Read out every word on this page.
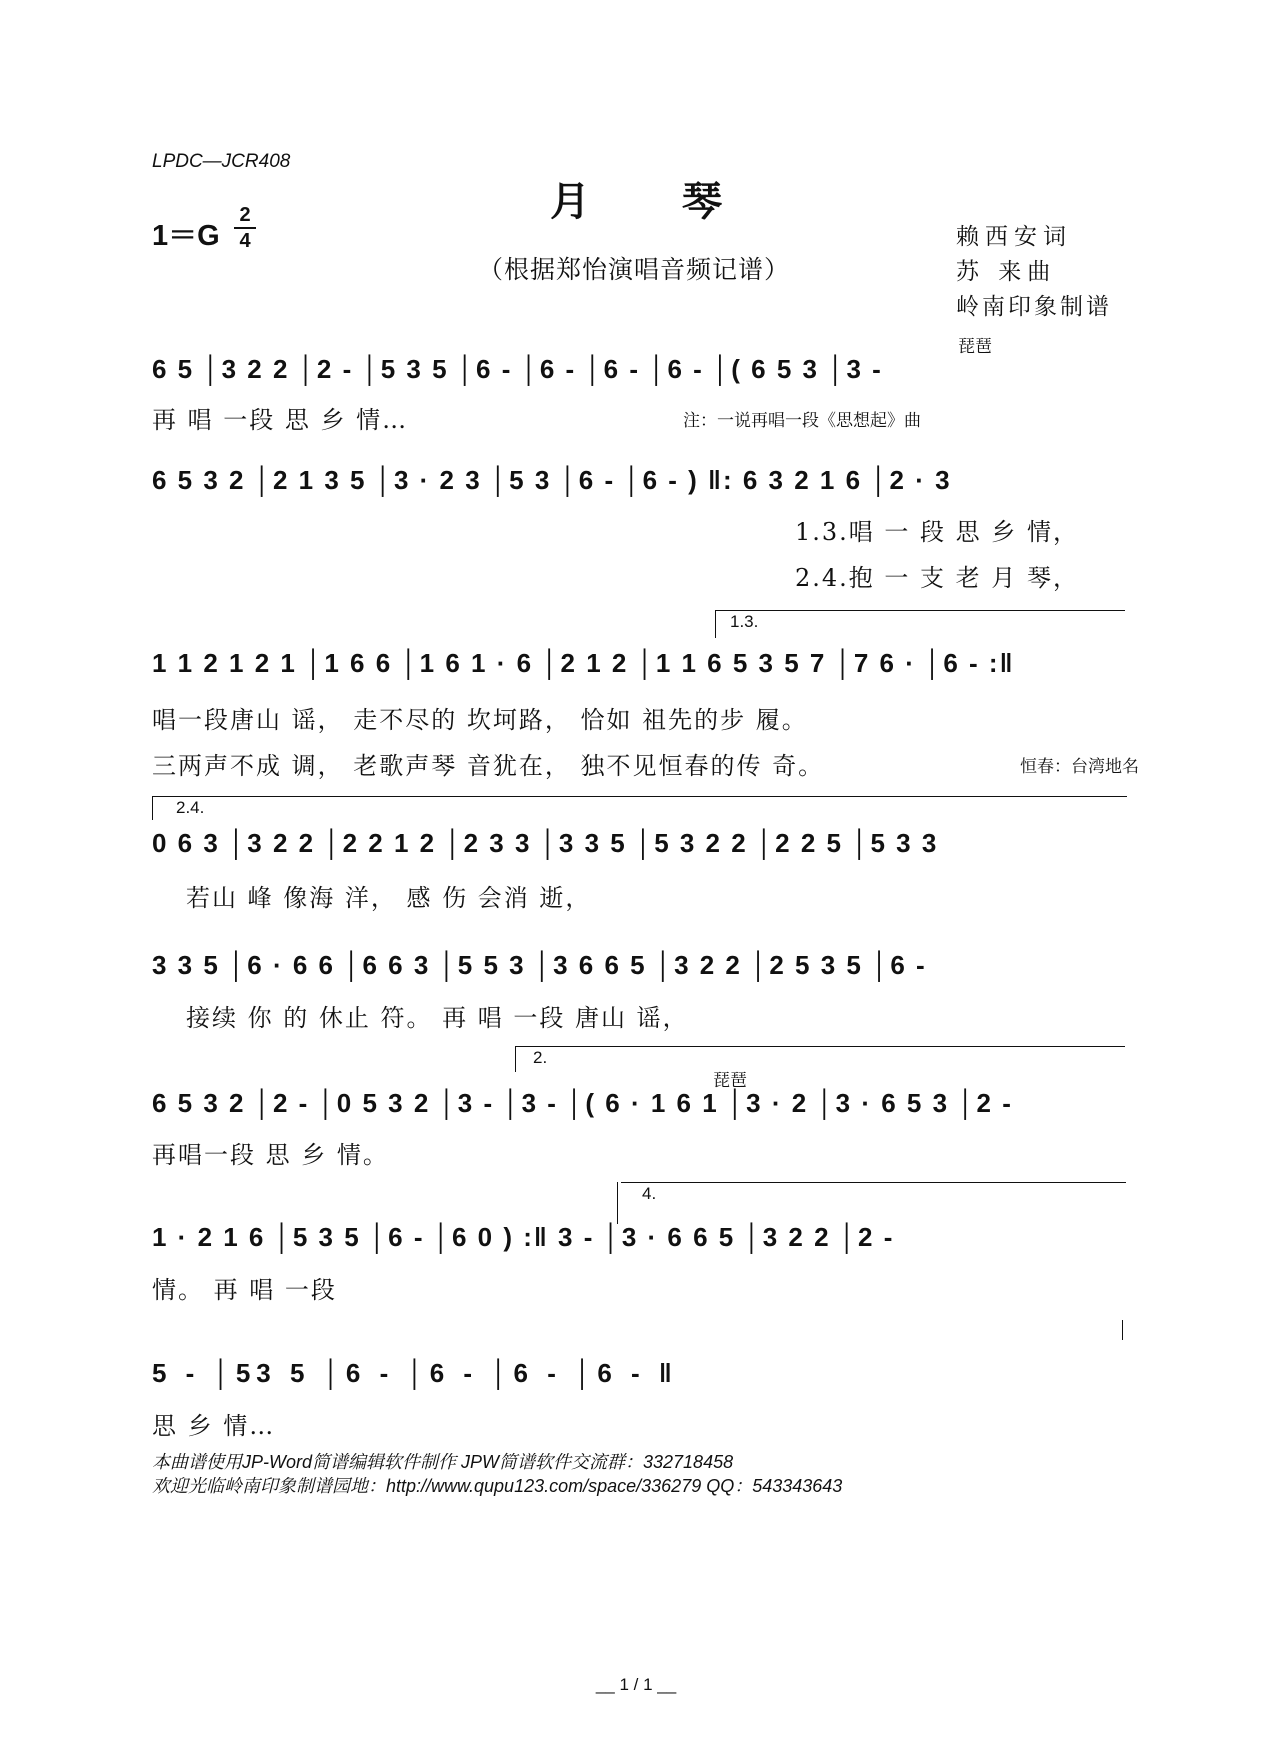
LPDC—JCR408
月琴
1＝G
2
4
（根据郑怡演唱音频记谱）
赖西安词
苏 来曲
岭南印象制谱
琵琶
6 5 │3 2 2 │2 - │5 3 5 │6 - │6 - │6 - │6 - │( 6 5 3 │3 -
再 唱 一段 思 乡 情…	注：一说再唱一段《思想起》曲
6 5 3 2 │2 1 3 5 │3 · 2 3 │5 3 │6 - │6 - ) ‖: 6 3 2 1 6 │2 · 3
1.3.唱 一 段 思 乡 情，
2.4.抱 一 支 老 月 琴，
1.3.
1 1 2 1 2 1 │1 6 6 │1 6 1 · 6 │2 1 2 │1 1 6 5 3 5 7 │7 6 · │6 - :‖
唱一段唐山 谣， 走不尽的 坎坷路， 恰如 祖先的步 履。
三两声不成 调， 老歌声琴 音犹在， 独不见恒春的传 奇。	恒春：台湾地名
2.4.
0 6 3 │3 2 2 │2 2 1 2 │2 3 3 │3 3 5 │5 3 2 2 │2 2 5 │5 3 3
若山 峰 像海 洋， 感 伤 会消 逝，
3 3 5 │6 · 6 6 │6 6 3 │5 5 3 │3 6 6 5 │3 2 2 │2 5 3 5 │6 -
接续 你 的 休止 符。 再 唱 一段 唐山 谣，
2.
琵琶
6 5 3 2 │2 - │0 5 3 2 │3 - │3 - │( 6 · 1 6 1 │3 · 2 │3 · 6 5 3 │2 -
再唱一段 思 乡 情。
4.
1 · 2 1 6 │5 3 5 │6 - │6 0 ) :‖ 3 - │3 · 6 6 5 │3 2 2 │2 -
情。 再 唱 一段
5 - │53 5 │6 - │6 - │6 - │6 - ‖
思 乡 情…
本曲谱使用JP-Word简谱编辑软件制作 JPW简谱软件交流群：332718458
欢迎光临岭南印象制谱园地：http://www.qupu123.com/space/336279 QQ：543343643
__ 1 / 1 __
